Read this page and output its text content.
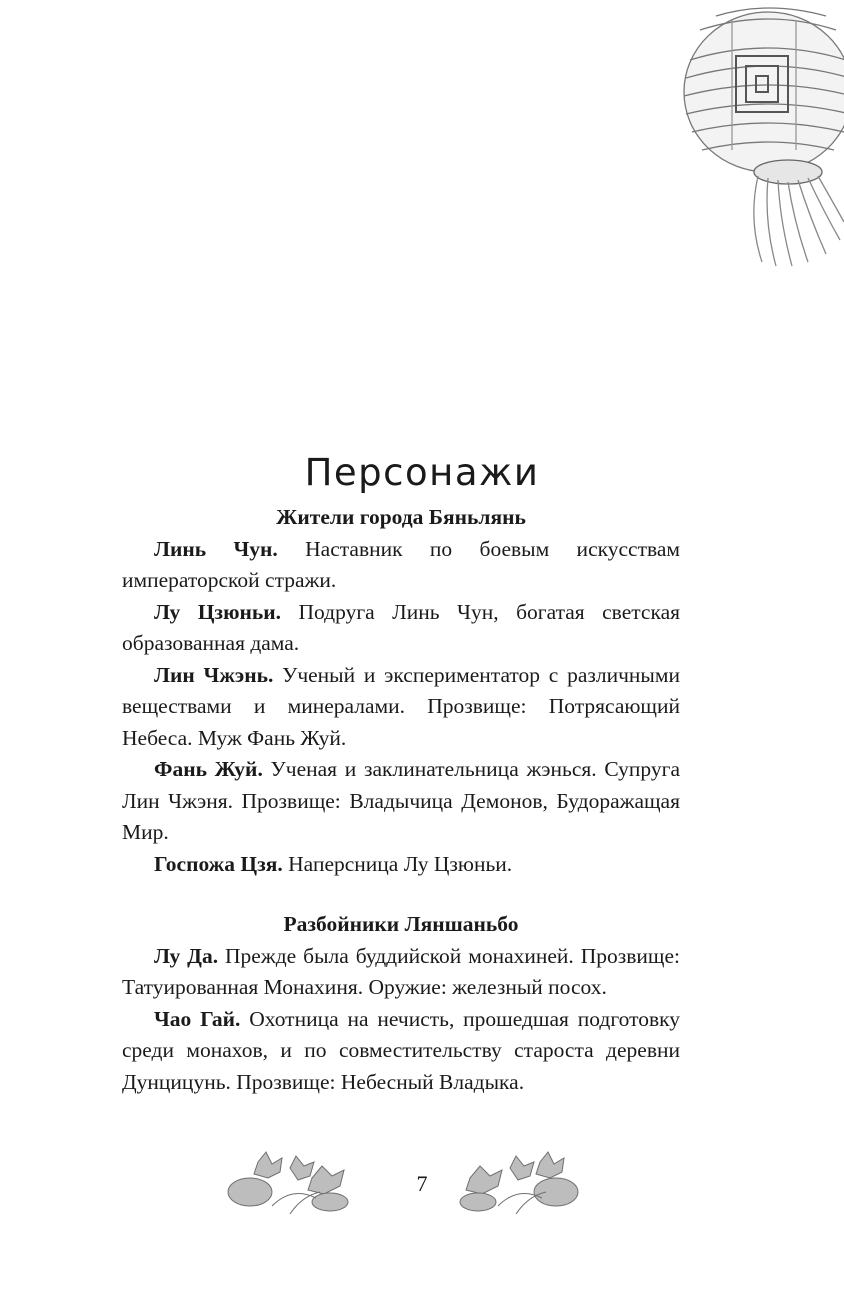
Персонажи

Жители города Бяньлянь

Линь Чун. Наставник по боевым искусствам императорской стражи.

Лу Цзюньи. Подруга Линь Чун, богатая светская образованная дама.

Лин Чжэнь. Ученый и экспериментатор с различными веществами и минералами. Прозвище: Потрясающий Небеса. Муж Фань Жуй.

Фань Жуй. Ученая и заклинательница жэнься. Супруга Лин Чжэня. Прозвище: Владычица Демонов, Будоражащая Мир.

Госпожа Цзя. Наперсница Лу Цзюньи.

Разбойники Ляншаньбо

Лу Да. Прежде была буддийской монахиней. Прозвище: Татуированная Монахиня. Оружие: железный посох.

Чао Гай. Охотница на нечисть, прошедшая подготовку среди монахов, и по совместительству староста деревни Дунцицунь. Прозвище: Небесный Владыка.

7
